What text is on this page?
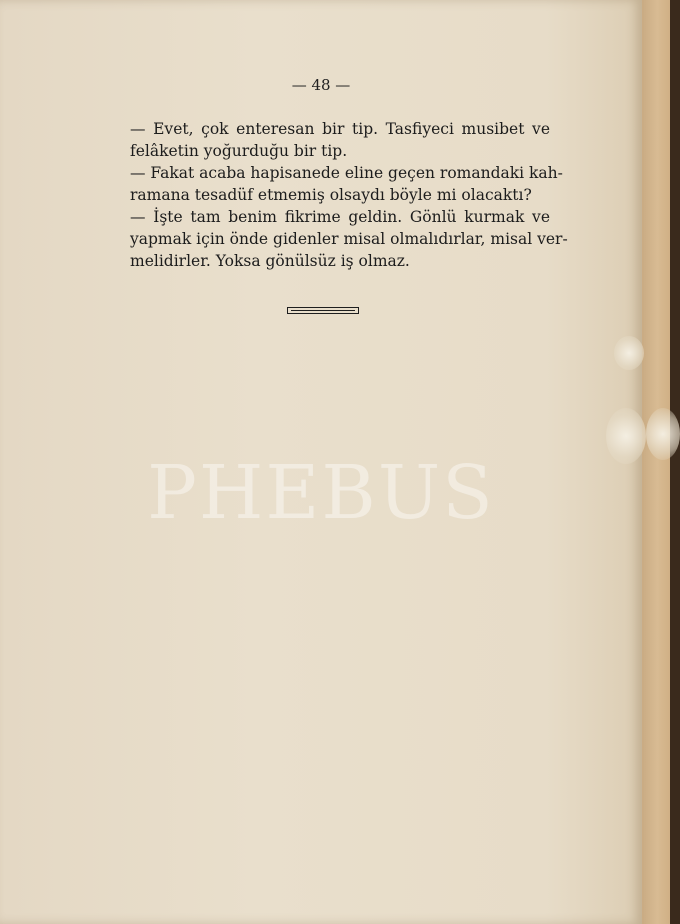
— 48 —
— Evet, çok enteresan bir tip. Tasfiyeci musibet ve
felâketin yoğurduğu bir tip.
— Fakat acaba hapisanede eline geçen romandaki kah-
ramana tesadüf etmemiş olsaydı böyle mi olacaktı?
— İşte tam benim fikrime geldin. Gönlü kurmak ve
yapmak için önde gidenler misal olmalıdırlar, misal ver-
melidirler. Yoksa gönülsüz iş olmaz.
PHEBUS
